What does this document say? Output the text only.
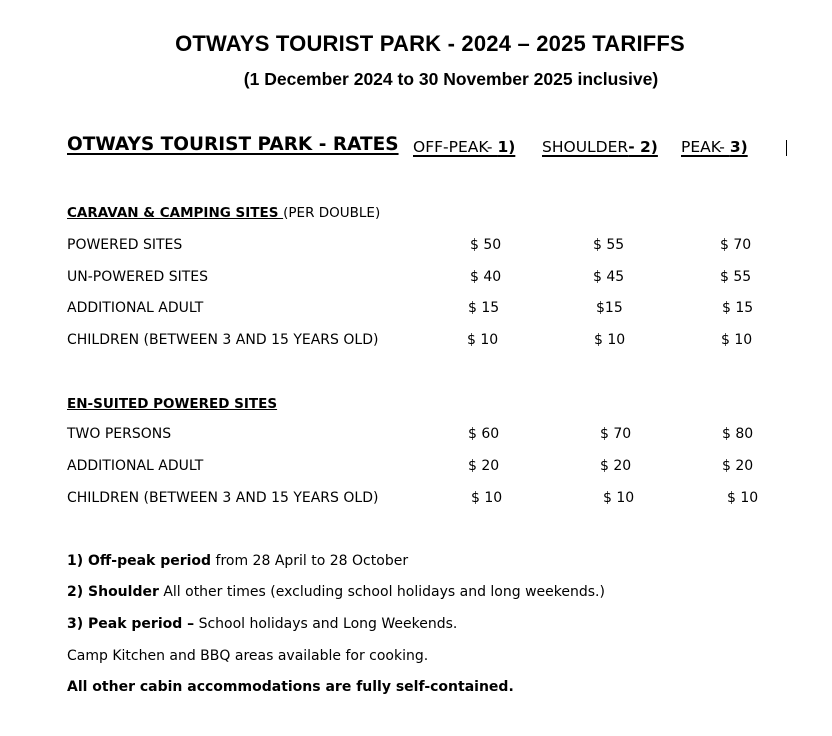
OTWAYS TOURIST PARK - 2024 – 2025 TARIFFS
(1 December 2024 to 30 November 2025 inclusive)
OTWAYS TOURIST PARK - RATES OFF-PEAK- 1) SHOULDER- 2) PEAK- 3)
CARAVAN & CAMPING SITES (PER DOUBLE)
POWERED SITES	$ 50	$ 55	$ 70
UN-POWERED SITES	$ 40	$ 45	$ 55
ADDITIONAL ADULT	$ 15	$15	$ 15
CHILDREN (BETWEEN 3 AND 15 YEARS OLD)	$ 10	$ 10	$ 10
EN-SUITED POWERED SITES
TWO PERSONS	$ 60	$ 70	$ 80
ADDITIONAL ADULT	$ 20	$ 20	$ 20
CHILDREN (BETWEEN 3 AND 15 YEARS OLD)	$ 10	$ 10	$ 10
1) Off-peak period from 28 April to 28 October
2) Shoulder All other times (excluding school holidays and long weekends.)
3) Peak period – School holidays and Long Weekends.
Camp Kitchen and BBQ areas available for cooking.
All other cabin accommodations are fully self-contained.
